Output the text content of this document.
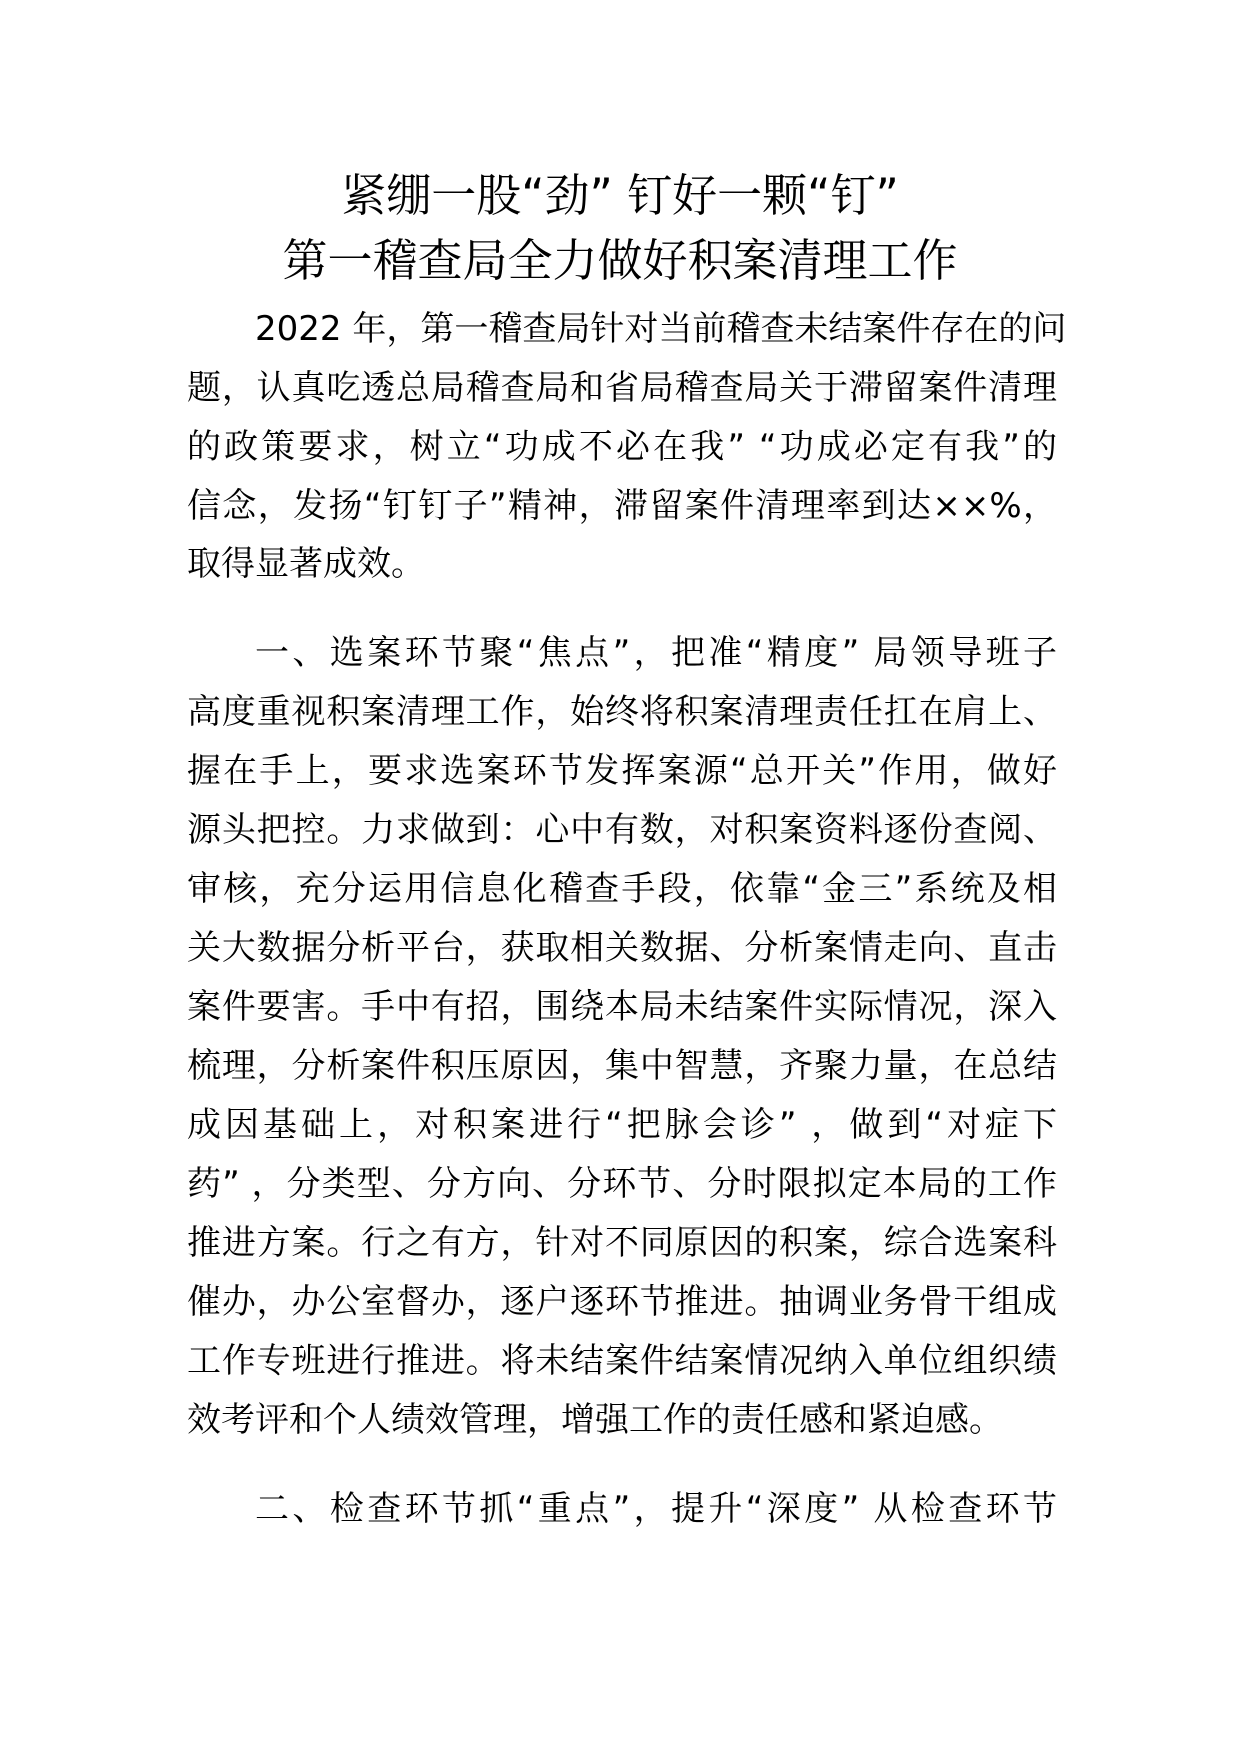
紧绷一股“劲” 钉好一颗“钉”
第一稽查局全力做好积案清理工作
2022 年，第一稽查局针对当前稽查未结案件存在的问
题，认真吃透总局稽查局和省局稽查局关于滞留案件清理
的政策要求，树立“功成不必在我” “功成必定有我”的
信念，发扬“钉钉子”精神，滞留案件清理率到达××%，
取得显著成效。
一、选案环节聚“焦点”，把准“精度” 局领导班子
高度重视积案清理工作，始终将积案清理责任扛在肩上、
握在手上，要求选案环节发挥案源“总开关”作用，做好
源头把控。力求做到：心中有数，对积案资料逐份查阅、
审核，充分运用信息化稽查手段，依靠“金三”系统及相
关大数据分析平台，获取相关数据、分析案情走向、直击
案件要害。手中有招，围绕本局未结案件实际情况，深入
梳理，分析案件积压原因，集中智慧，齐聚力量，在总结
成因基础上，对积案进行“把脉会诊” ，做到“对症下
药” ，分类型、分方向、分环节、分时限拟定本局的工作
推进方案。行之有方，针对不同原因的积案，综合选案科
催办，办公室督办，逐户逐环节推进。抽调业务骨干组成
工作专班进行推进。将未结案件结案情况纳入单位组织绩
效考评和个人绩效管理，增强工作的责任感和紧迫感。
二、检查环节抓“重点”，提升“深度” 从检查环节
